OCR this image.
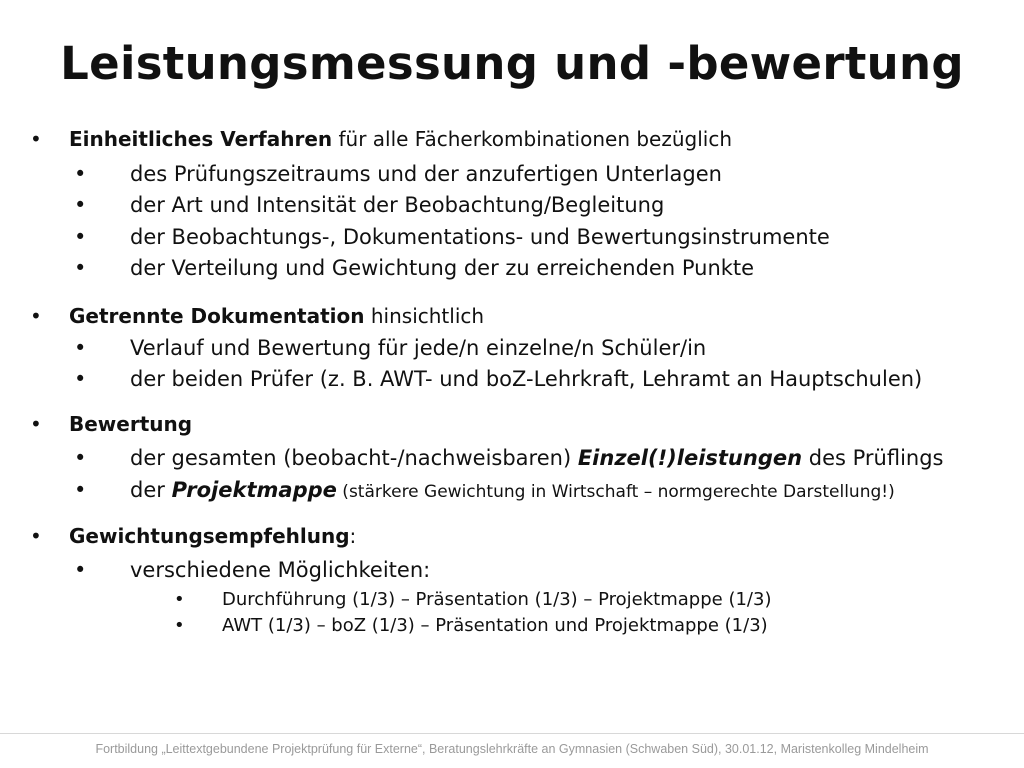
Leistungsmessung und -bewertung
• Einheitliches Verfahren für alle Fächerkombinationen bezüglich
• des Prüfungszeitraums und der anzufertigen Unterlagen
• der Art und Intensität der Beobachtung/Begleitung
• der Beobachtungs-, Dokumentations- und Bewertungsinstrumente
• der Verteilung und Gewichtung der zu erreichenden Punkte
• Getrennte Dokumentation hinsichtlich
• Verlauf und Bewertung für jede/n einzelne/n Schüler/in
• der beiden Prüfer (z. B. AWT- und boZ-Lehrkraft, Lehramt an Hauptschulen)
• Bewertung
• der gesamten (beobacht-/nachweisbaren) Einzel(!)leistungen des Prüflings
• der Projektmappe (stärkere Gewichtung in Wirtschaft – normgerechte Darstellung!)
• Gewichtungsempfehlung:
• verschiedene Möglichkeiten:
• Durchführung (1/3) – Präsentation (1/3) – Projektmappe (1/3)
• AWT (1/3) – boZ (1/3) – Präsentation und Projektmappe (1/3)
Fortbildung „Leittextgebundene Projektprüfung für Externe“, Beratungslehrkräfte an Gymnasien (Schwaben Süd), 30.01.12, Maristenkolleg Mindelheim
